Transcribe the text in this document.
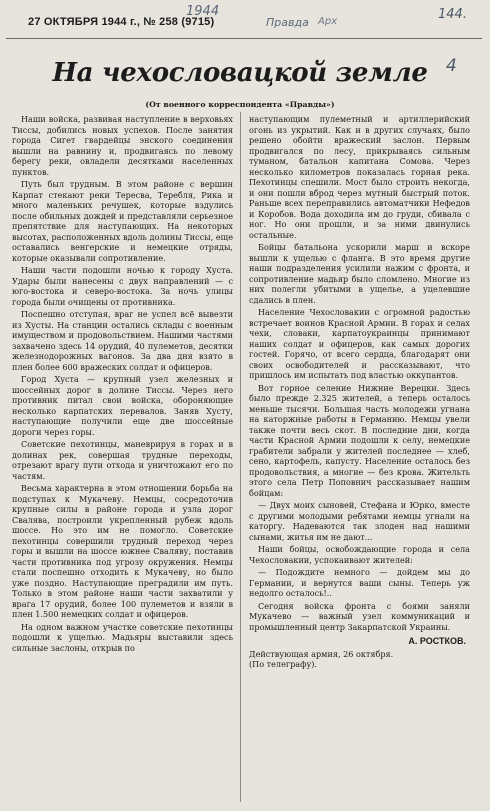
27 ОКТЯБРЯ 1944 г., № 258 (9715)
1944
Правда Арх	144.
4
На чехословацкой земле
(От военного корреспондента «Правды»)

Наши войска, развивая наступление в верховьях Тиссы, добились новых успехов. После занятия города Сигет гвардейцы энского соединения вышли на равнину и, продвигаясь по левому берегу реки, овладели десятками населенных пунктов.

Путь был трудным. В этом районе с вершин Карпат стекают реки Тересва, Теребля, Рика и много маленьких речушек, которые вздулись после обильных дождей и представляли серьезное препятствие для наступающих. На некоторых высотах, расположенных вдоль долины Тиссы, еще оставались венгерские и немецкие отряды, которые оказывали сопротивление.

Наши части подошли ночью к городу Хуста. Удары были нанесены с двух направлений — с юго-востока и северо-востока. За ночь улицы города были очищены от противника.

Поспешно отступая, враг не успел всё вывезти из Хусты. На станции остались склады с военным имуществом и продовольствием. Нашими частями захвачено здесь 14 орудий, 40 пулеметов, десятки железнодорожных вагонов. За два дня взято в плен более 600 вражеских солдат и офицеров.

Город Хуста — крупный узел железных и шоссейных дорог в долине Тиссы. Через него противник питал свои войска, обороняющие несколько карпатских перевалов. Заняв Хусту, наступающие получили еще две шоссейные дороги через горы.

Советские пехотинцы, маневрируя в горах и в долинах рек, совершая трудные переходы, отрезают врагу пути отхода и уничтожают его по частям.

Весьма характерна в этом отношении борьба на подступах к Мукачеву. Немцы, сосредоточив крупные силы в районе города и узла дорог Свалява, построили укрепленный рубеж вдоль шоссе. Но это им не помогло. Советские пехотинцы совершили трудный переход через горы и вышли на шоссе южнее Сваляву, поставив части противника под угрозу окружения. Немцы стали поспешно отходить к Мукачеву, но было уже поздно. Наступающие преградили им путь. Только в этом районе наши части захватили у врага 17 орудий, более 100 пулеметов и взяли в плен 1.500 немецких солдат и офицеров.

На одном важном участке советские пехотинцы подошли к ущелью. Мадьяры выставили здесь сильные заслоны, открыв по

наступающим пулеметный и артиллерийский огонь из укрытий. Как и в других случаях, было решено обойти вражеский заслон. Первым продвигался по лесу, прикрываясь сильным туманом, батальон капитана Сомова. Через несколько километров показалась горная река. Пехотинцы спешили. Мост было строить некогда, и они пошли вброд через мутный быстрый поток. Раньше всех переправились автоматчики Нефедов и Коробов. Вода доходила им до груди, сбивала с ног. Но они прошли, и за ними двинулись остальные.

Бойцы батальона ускорили марш и вскоре вышли к ущелью с фланга. В это время другие наши подразделения усилили нажим с фронта, и сопротивление мадьяр было сломлено. Многие из них полегли убитыми в ущелье, а уцелевшие сдались в плен.

Население Чехословакии с огромной радостью встречает воинов Красной Армии. В горах и селах чехи, словаки, карпатоукраинцы принимают наших солдат и офицеров, как самых дорогих гостей. Горячо, от всего сердца, благодарят они своих освободителей и рассказывают, что пришлось им испытать под властью оккупантов.

Вот горное селение Нижние Верецки. Здесь было прежде 2.325 жителей, а теперь осталось меньше тысячи. Большая часть молодежи угнана на каторжные работы в Германию. Немцы увели также почти весь скот. В последние дни, когда части Красной Армии подошли к селу, немецкие грабители забрали у жителей последнее — хлеб, сено, картофель, капусту. Население осталось без продовольствия, а многие — без крова. Жительть этого села Петр Поповнич рассказывает нашим бойцам:

— Двух моих сыновей, Стефана и Юрко, вместе с другими молодыми ребятами немцы угнали на каторгу. Надеваются так злоден над нашими сынами, житья им не дают...

Наши бойцы, освобождающие города и села Чехословакии, успокаивают жителей:

— Подождите немного — дойдем мы до Германии, и вернутся ваши сыны. Теперь уж недолго осталось!..

Сегодня войска фронта с боями заняли Мукачево — важный узел коммуникаций и промышленный центр Закарпатской Украины.

А. РОСТКОВ.
Действующая армия, 26 октября.
(По телеграфу).
